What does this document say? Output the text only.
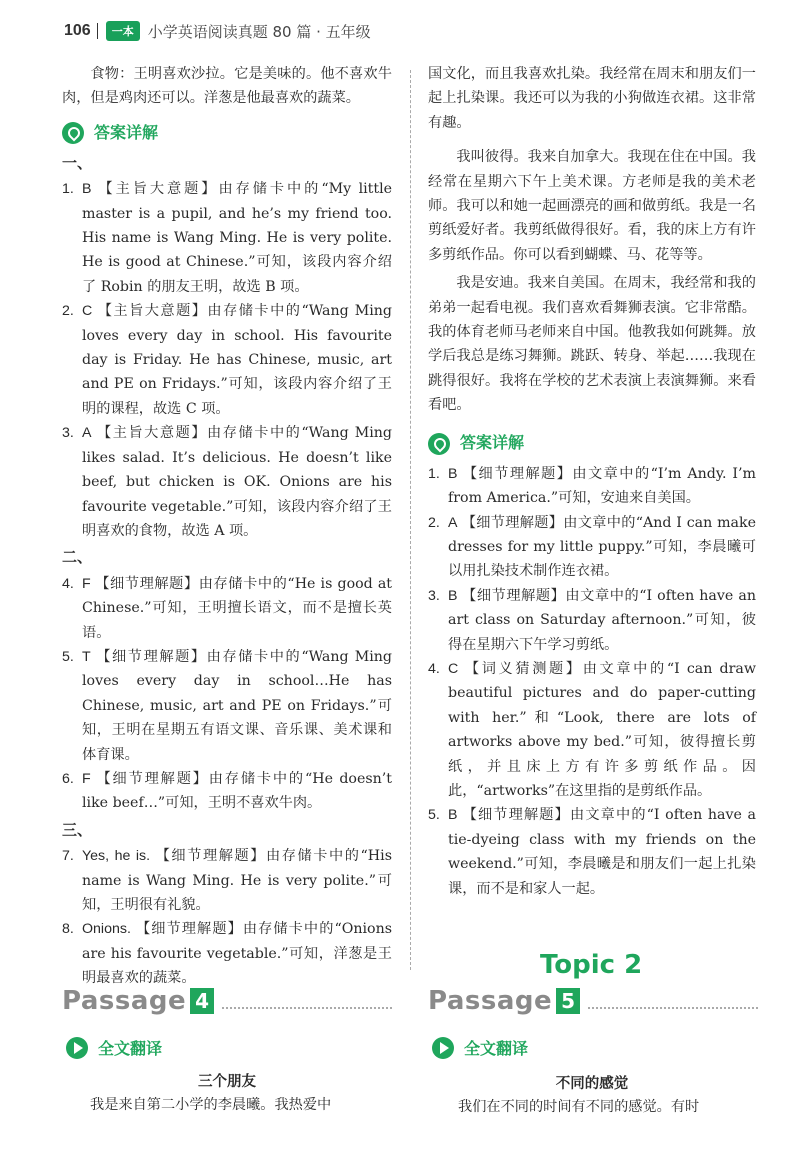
106	一本 小学英语阅读真题 80 篇 · 五年级

食物：王明喜欢沙拉。它是美味的。他不喜欢牛肉，但是鸡肉还可以。洋葱是他最喜欢的蔬菜。

答案详解
一、
1. B 【主旨大意题】由存储卡中的“My little master is a pupil, and he’s my friend too. His name is Wang Ming. He is very polite. He is good at Chinese.”可知，该段内容介绍了 Robin 的朋友王明，故选 B 项。
2. C 【主旨大意题】由存储卡中的“Wang Ming loves every day in school. His favourite day is Friday. He has Chinese, music, art and PE on Fridays.”可知，该段内容介绍了王明的课程，故选 C 项。
3. A 【主旨大意题】由存储卡中的“Wang Ming likes salad. It’s delicious. He doesn’t like beef, but chicken is OK. Onions are his favourite vegetable.”可知，该段内容介绍了王明喜欢的食物，故选 A 项。
二、
4. F 【细节理解题】由存储卡中的“He is good at Chinese.”可知，王明擅长语文，而不是擅长英语。
5. T 【细节理解题】由存储卡中的“Wang Ming loves every day in school…He has Chinese, music, art and PE on Fridays.”可知，王明在星期五有语文课、音乐课、美术课和体育课。
6. F 【细节理解题】由存储卡中的“He doesn’t like beef…”可知，王明不喜欢牛肉。
三、
7. Yes, he is. 【细节理解题】由存储卡中的“His name is Wang Ming. He is very polite.”可知，王明很有礼貌。
8. Onions. 【细节理解题】由存储卡中的“Onions are his favourite vegetable.”可知，洋葱是王明最喜欢的蔬菜。

国文化，而且我喜欢扎染。我经常在周末和朋友们一起上扎染课。我还可以为我的小狗做连衣裙。这非常有趣。

我叫彼得。我来自加拿大。我现在住在中国。我经常在星期六下午上美术课。方老师是我的美术老师。我可以和她一起画漂亮的画和做剪纸。我是一名剪纸爱好者。我剪纸做得很好。看，我的床上方有许多剪纸作品。你可以看到蝴蝶、马、花等等。

我是安迪。我来自美国。在周末，我经常和我的弟弟一起看电视。我们喜欢看舞狮表演。它非常酷。我的体育老师马老师来自中国。他教我如何跳舞。放学后我总是练习舞狮。跳跃、转身、举起……我现在跳得很好。我将在学校的艺术表演上表演舞狮。来看看吧。

答案详解
1. B 【细节理解题】由文章中的“I’m Andy. I’m from America.”可知，安迪来自美国。
2. A 【细节理解题】由文章中的“And I can make dresses for my little puppy.”可知，李晨曦可以用扎染技术制作连衣裙。
3. B 【细节理解题】由文章中的“I often have an art class on Saturday afternoon.”可知，彼得在星期六下午学习剪纸。
4. C 【词义猜测题】由文章中的“I can draw beautiful pictures and do paper-cutting with her.”和“Look, there are lots of artworks above my bed.”可知，彼得擅长剪纸，并且床上方有许多剪纸作品。因此，“artworks”在这里指的是剪纸作品。
5. B 【细节理解题】由文章中的“I often have a tie-dyeing class with my friends on the weekend.”可知，李晨曦是和朋友们一起上扎染课，而不是和家人一起。
Topic 2
Passage 4
全文翻译
三个朋友
我是来自第二小学的李晨曦。我热爱中
Passage 5
全文翻译
不同的感觉
我们在不同的时间有不同的感觉。有时
